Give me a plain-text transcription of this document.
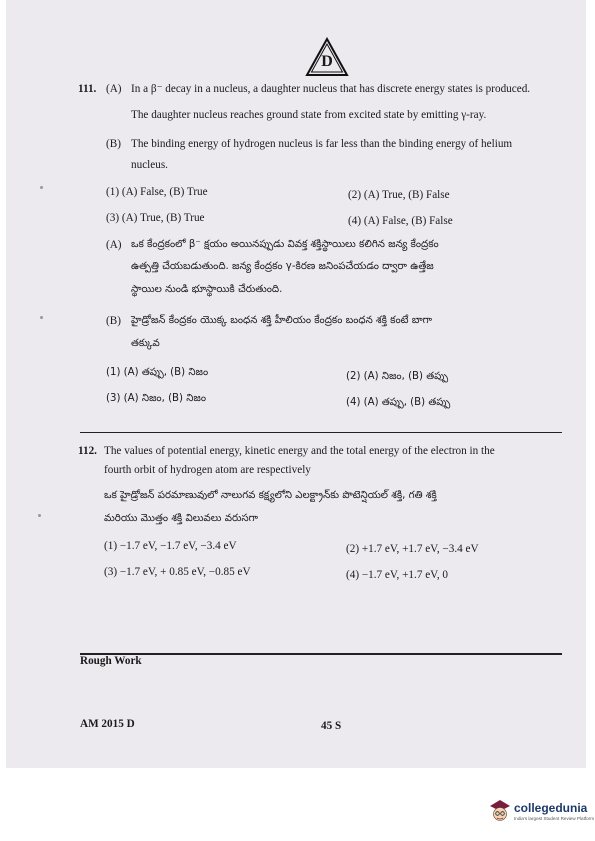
D
111. (A) In a β⁻ decay in a nucleus, a daughter nucleus that has discrete energy states is produced.
The daughter nucleus reaches ground state from excited state by emitting γ-ray.
(B) The binding energy of hydrogen nucleus is far less than the binding energy of helium
nucleus.
(1) (A) False, (B) True	(2) (A) True, (B) False
(3) (A) True, (B) True	(4) (A) False, (B) False
(A) ఒక కేంద్రకంలో β⁻ క్షయం అయినప్పుడు వివక్త శక్తిస్థాయిలు కలిగిన జన్య కేంద్రకం
ఉత్పత్తి చేయబడుతుంది. జన్య కేంద్రకం γ-కిరణ జనింపచేయడం ద్వారా ఉత్తేజ
స్థాయిల నుండి భూస్థాయికి చేరుతుంది.
(B) హైడ్రోజన్ కేంద్రకం యొక్క బంధన శక్తి హీలియం కేంద్రకం బంధన శక్తి కంటే బాగా
తక్కువ
(1) (A) తప్పు, (B) నిజం	(2) (A) నిజం, (B) తప్పు
(3) (A) నిజం, (B) నిజం	(4) (A) తప్పు, (B) తప్పు
112. The values of potential energy, kinetic energy and the total energy of the electron in the
fourth orbit of hydrogen atom are respectively
ఒక హైడ్రోజన్ పరమాణువులో నాలుగవ కక్ష్యలోని ఎలక్ట్రాన్‌కు పొటెన్షియల్ శక్తి, గతి శక్తి
మరియు మొత్తం శక్తి విలువలు వరుసగా
(1) −1.7 eV, −1.7 eV, −3.4 eV	(2) +1.7 eV, +1.7 eV, −3.4 eV
(3) −1.7 eV, + 0.85 eV, −0.85 eV	(4) −1.7 eV, +1.7 eV, 0
Rough Work
AM 2015 D	45 S
collegedunia
India's largest Student Review Platform
